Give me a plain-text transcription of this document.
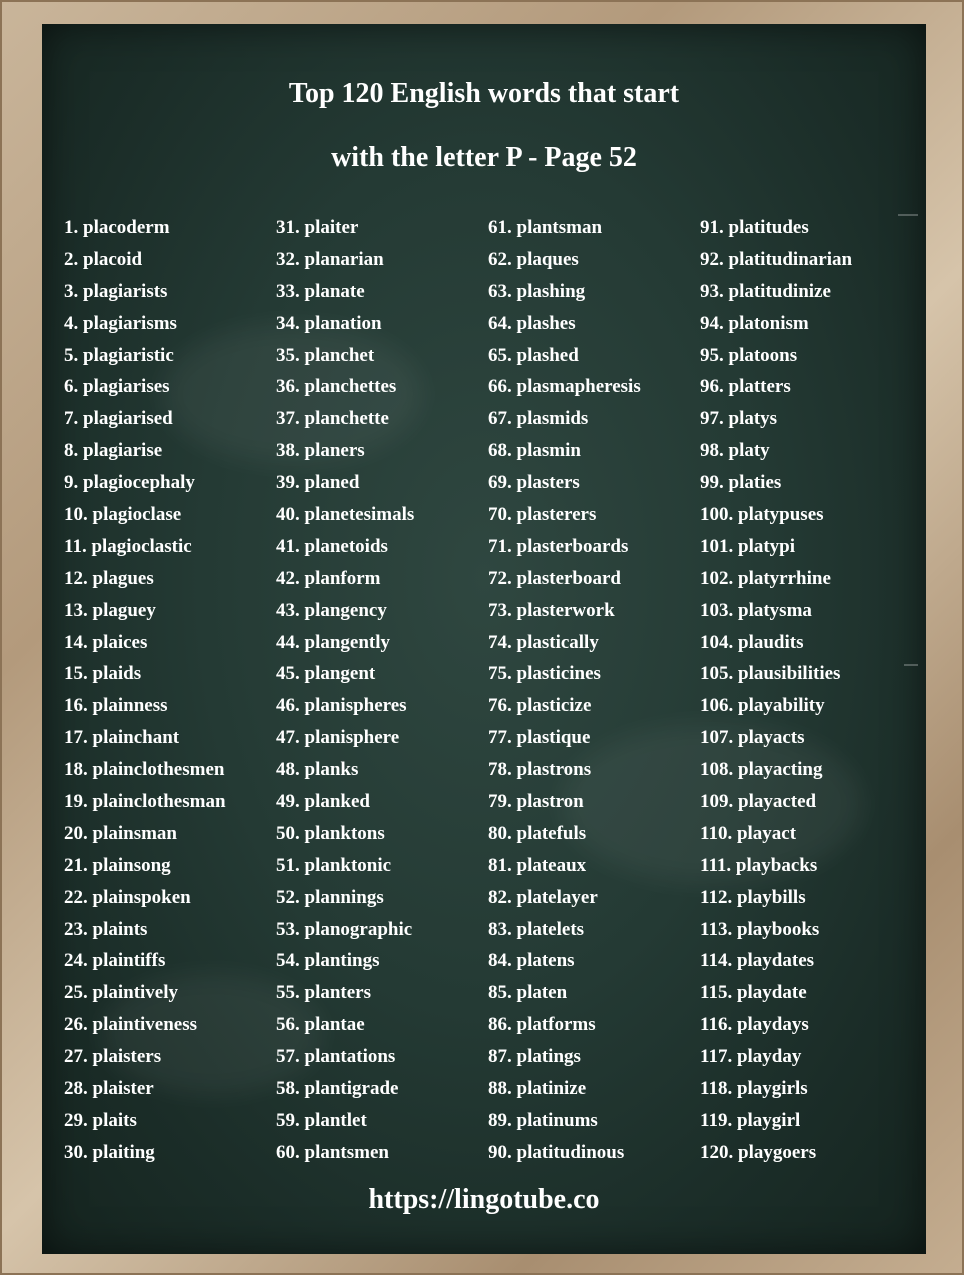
Top 120 English words that start
with the letter P - Page 52
1. placoderm
2. placoid
3. plagiarists
4. plagiarisms
5. plagiaristic
6. plagiarises
7. plagiarised
8. plagiarise
9. plagiocephaly
10. plagioclase
11. plagioclastic
12. plagues
13. plaguey
14. plaices
15. plaids
16. plainness
17. plainchant
18. plainclothesmen
19. plainclothesman
20. plainsman
21. plainsong
22. plainspoken
23. plaints
24. plaintiffs
25. plaintively
26. plaintiveness
27. plaisters
28. plaister
29. plaits
30. plaiting
31. plaiter
32. planarian
33. planate
34. planation
35. planchet
36. planchettes
37. planchette
38. planers
39. planed
40. planetesimals
41. planetoids
42. planform
43. plangency
44. plangently
45. plangent
46. planispheres
47. planisphere
48. planks
49. planked
50. planktons
51. planktonic
52. plannings
53. planographic
54. plantings
55. planters
56. plantae
57. plantations
58. plantigrade
59. plantlet
60. plantsmen
61. plantsman
62. plaques
63. plashing
64. plashes
65. plashed
66. plasmapheresis
67. plasmids
68. plasmin
69. plasters
70. plasterers
71. plasterboards
72. plasterboard
73. plasterwork
74. plastically
75. plasticines
76. plasticize
77. plastique
78. plastrons
79. plastron
80. platefuls
81. plateaux
82. platelayer
83. platelets
84. platens
85. platen
86. platforms
87. platings
88. platinize
89. platinums
90. platitudinous
91. platitudes
92. platitudinarian
93. platitudinize
94. platonism
95. platoons
96. platters
97. platys
98. platy
99. platies
100. platypuses
101. platypi
102. platyrrhine
103. platysma
104. plaudits
105. plausibilities
106. playability
107. playacts
108. playacting
109. playacted
110. playact
111. playbacks
112. playbills
113. playbooks
114. playdates
115. playdate
116. playdays
117. playday
118. playgirls
119. playgirl
120. playgoers
https://lingotube.co
